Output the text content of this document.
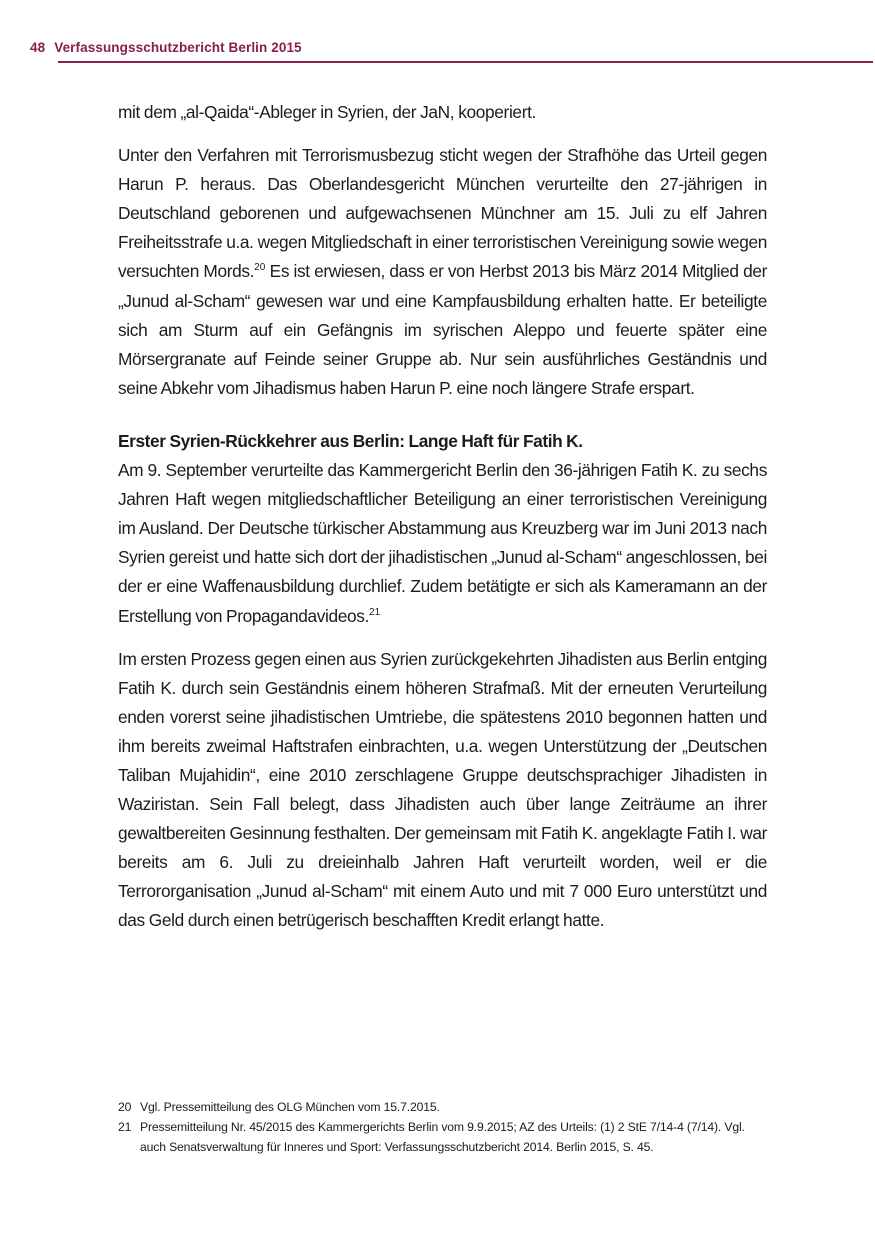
48 Verfassungsschutzbericht Berlin 2015

mit dem „al-Qaida“-Ableger in Syrien, der JaN, kooperiert.

Unter den Verfahren mit Terrorismusbezug sticht wegen der Strafhöhe das Urteil gegen Harun P. heraus. Das Oberlandesgericht München verurteilte den 27-jährigen in Deutschland geborenen und aufgewachsenen Münchner am 15. Juli zu elf Jahren Freiheitsstrafe u.a. wegen Mitgliedschaft in einer terroristischen Vereinigung sowie wegen versuchten Mords.$^{20}$ Es ist erwiesen, dass er von Herbst 2013 bis März 2014 Mitglied der „Junud al-Scham“ gewesen war und eine Kampfausbildung erhalten hatte. Er beteiligte sich am Sturm auf ein Gefängnis im syrischen Aleppo und feuerte später eine Mörsergranate auf Feinde seiner Gruppe ab. Nur sein ausführliches Geständnis und seine Abkehr vom Jihadismus haben Harun P. eine noch längere Strafe erspart.

Erster Syrien-Rückkehrer aus Berlin: Lange Haft für Fatih K.

Am 9. September verurteilte das Kammergericht Berlin den 36-jährigen Fatih K. zu sechs Jahren Haft wegen mitgliedschaftlicher Beteiligung an einer terroristischen Vereinigung im Ausland. Der Deutsche türkischer Abstammung aus Kreuzberg war im Juni 2013 nach Syrien gereist und hatte sich dort der jihadistischen „Junud al-Scham“ angeschlossen, bei der er eine Waffenausbildung durchlief. Zudem betätigte er sich als Kameramann an der Erstellung von Propagandavideos.$^{21}$

Im ersten Prozess gegen einen aus Syrien zurückgekehrten Jihadisten aus Berlin entging Fatih K. durch sein Geständnis einem höheren Strafmaß. Mit der erneuten Verurteilung enden vorerst seine jihadistischen Umtriebe, die spätestens 2010 begonnen hatten und ihm bereits zweimal Haftstrafen einbrachten, u.a. wegen Unterstützung der „Deutschen Taliban Mujahidin“, eine 2010 zerschlagene Gruppe deutschsprachiger Jihadisten in Waziristan. Sein Fall belegt, dass Jihadisten auch über lange Zeiträume an ihrer gewaltbereiten Gesinnung festhalten. Der gemeinsam mit Fatih K. angeklagte Fatih I. war bereits am 6. Juli zu dreieinhalb Jahren Haft verurteilt worden, weil er die Terrororganisation „Junud al-Scham“ mit einem Auto und mit 7 000 Euro unterstützt und das Geld durch einen betrügerisch beschafften Kredit erlangt hatte.

20 Vgl. Pressemitteilung des OLG München vom 15.7.2015.
21 Pressemitteilung Nr. 45/2015 des Kammergerichts Berlin vom 9.9.2015; AZ des Urteils: (1) 2 StE 7/14-4 (7/14). Vgl. auch Senatsverwaltung für Inneres und Sport: Verfassungsschutzbericht 2014. Berlin 2015, S. 45.
